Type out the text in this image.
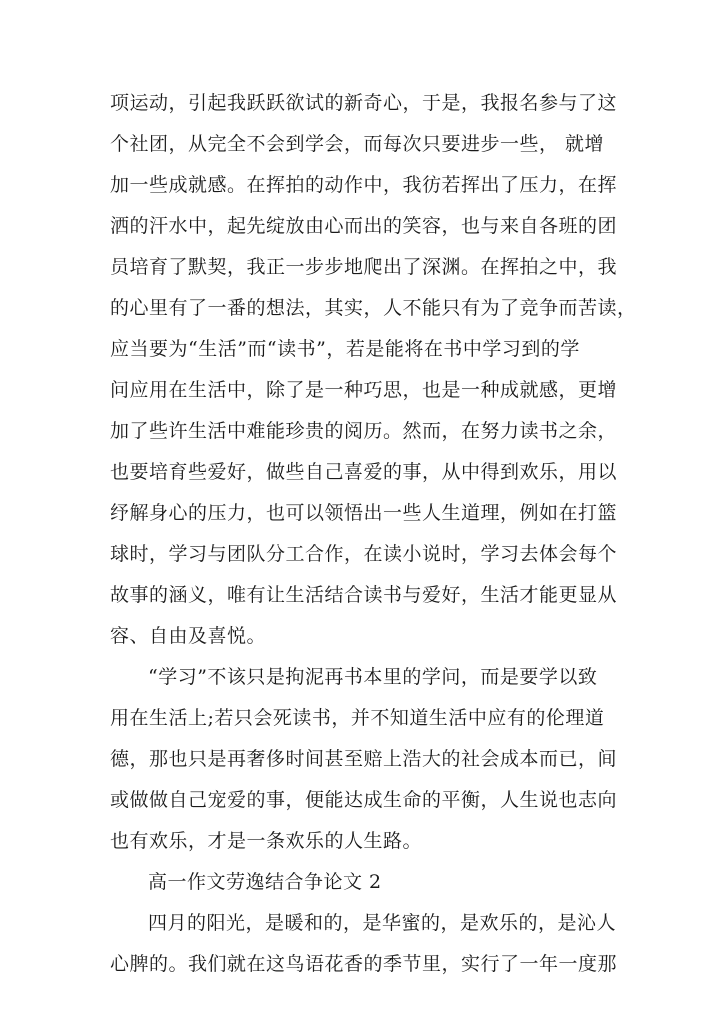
项运动，引起我跃跃欲试的新奇心，于是，我报名参与了这
个社团，从完全不会到学会，而每次只要进步一些， 就增
加一些成就感。在挥拍的动作中，我彷若挥出了压力，在挥
洒的汗水中，起先绽放由心而出的笑容，也与来自各班的团
员培育了默契，我正一步步地爬出了深渊。在挥拍之中，我
的心里有了一番的想法，其实，人不能只有为了竞争而苦读，
应当要为“生活”而“读书”，若是能将在书中学习到的学
问应用在生活中，除了是一种巧思，也是一种成就感，更增
加了些许生活中难能珍贵的阅历。然而，在努力读书之余，
也要培育些爱好，做些自己喜爱的事，从中得到欢乐，用以
纾解身心的压力，也可以领悟出一些人生道理，例如在打篮
球时，学习与团队分工合作，在读小说时，学习去体会每个
故事的涵义，唯有让生活结合读书与爱好，生活才能更显从
容、自由及喜悦。
“学习”不该只是拘泥再书本里的学问，而是要学以致
用在生活上;若只会死读书，并不知道生活中应有的伦理道
德，那也只是再奢侈时间甚至赔上浩大的社会成本而已，间
或做做自己宠爱的事，便能达成生命的平衡，人生说也志向
也有欢乐，才是一条欢乐的人生路。
高一作文劳逸结合争论文 2
四月的阳光，是暖和的，是华蜜的，是欢乐的，是沁人
心脾的。我们就在这鸟语花香的季节里，实行了一年一度那
